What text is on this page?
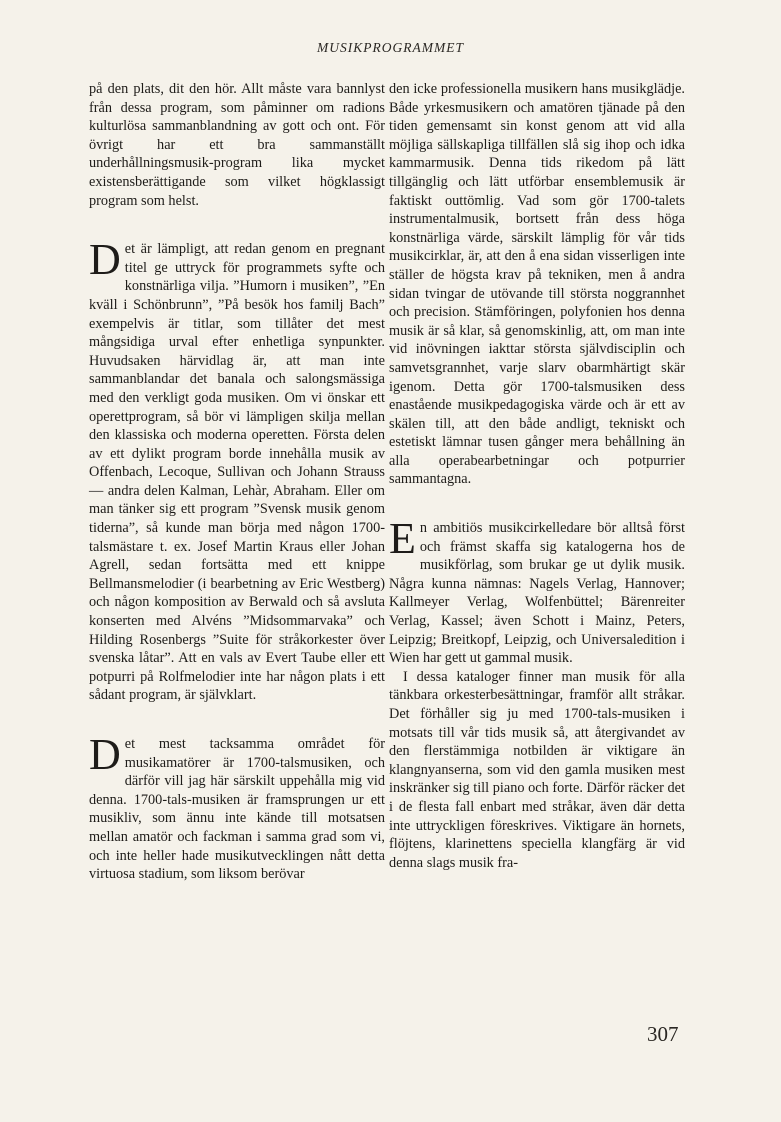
MUSIKPROGRAMMET

på den plats, dit den hör. Allt måste vara bannlyst från dessa program, som påminner om radions kulturlösa sammanblandning av gott och ont. För övrigt har ett bra sammanställt underhållningsmusik-program lika mycket existensberättigande som vilket högklassigt program som helst.

Det är lämpligt, att redan genom en pregnant titel ge uttryck för programmets syfte och konstnärliga vilja. ”Humorn i musiken”, ”En kväll i Schönbrunn”, ”På besök hos familj Bach” exempelvis är titlar, som tillåter det mest mångsidiga urval efter enhetliga synpunkter. Huvudsaken härvidlag är, att man inte sammanblandar det banala och salongsmässiga med den verkligt goda musiken. Om vi önskar ett operettprogram, så bör vi lämpligen skilja mellan den klassiska och moderna operetten. Första delen av ett dylikt program borde innehålla musik av Offenbach, Lecoque, Sullivan och Johann Strauss — andra delen Kalman, Lehàr, Abraham. Eller om man tänker sig ett program ”Svensk musik genom tiderna”, så kunde man börja med någon 1700-talsmästare t. ex. Josef Martin Kraus eller Johan Agrell, sedan fortsätta med ett knippe Bellmansmelodier (i bearbetning av Eric Westberg) och någon komposition av Berwald och så avsluta konserten med Alvéns ”Midsommarvaka” och Hilding Rosenbergs ”Suite för stråkorkester över svenska låtar”. Att en vals av Evert Taube eller ett potpurri på Rolfmelodier inte har någon plats i ett sådant program, är självklart.

Det mest tacksamma området för musikamatörer är 1700-talsmusiken, och därför vill jag här särskilt uppehålla mig vid denna. 1700-tals-musiken är framsprungen ur ett musikliv, som ännu inte kände till motsatsen mellan amatör och fackman i samma grad som vi, och inte heller hade musikutvecklingen nått detta virtuosa stadium, som liksom berövar

den icke professionella musikern hans musikglädje. Både yrkesmusikern och amatören tjänade på den tiden gemensamt sin konst genom att vid alla möjliga sällskapliga tillfällen slå sig ihop och idka kammarmusik. Denna tids rikedom på lätt tillgänglig och lätt utförbar ensemblemusik är faktiskt outtömlig. Vad som gör 1700-talets instrumentalmusik, bortsett från dess höga konstnärliga värde, särskilt lämplig för vår tids musikcirklar, är, att den å ena sidan visserligen inte ställer de högsta krav på tekniken, men å andra sidan tvingar de utövande till största noggrannhet och precision. Stämföringen, polyfonien hos denna musik är så klar, så genomskinlig, att, om man inte vid inövningen iakttar största självdisciplin och samvetsgrannhet, varje slarv obarmhärtigt skär igenom. Detta gör 1700-talsmusiken dess enastående musikpedagogiska värde och är ett av skälen till, att den både andligt, tekniskt och estetiskt lämnar tusen gånger mera behållning än alla operabearbetningar och potpurrier sammantagna.

En ambitiös musikcirkelledare bör alltså först och främst skaffa sig katalogerna hos de musikförlag, som brukar ge ut dylik musik. Några kunna nämnas: Nagels Verlag, Hannover; Kallmeyer Verlag, Wolfenbüttel; Bärenreiter Verlag, Kassel; även Schott i Mainz, Peters, Leipzig; Breitkopf, Leipzig, och Universaledition i Wien har gett ut gammal musik.

I dessa kataloger finner man musik för alla tänkbara orkesterbesättningar, framför allt stråkar. Det förhåller sig ju med 1700-tals-musiken i motsats till vår tids musik så, att återgivandet av den flerstämmiga notbilden är viktigare än klangnyanserna, som vid den gamla musiken mest inskränker sig till piano och forte. Därför räcker det i de flesta fall enbart med stråkar, även där detta inte uttryckligen föreskrives. Viktigare än hornets, flöjtens, klarinettens speciella klangfärg är vid denna slags musik fra-

307
